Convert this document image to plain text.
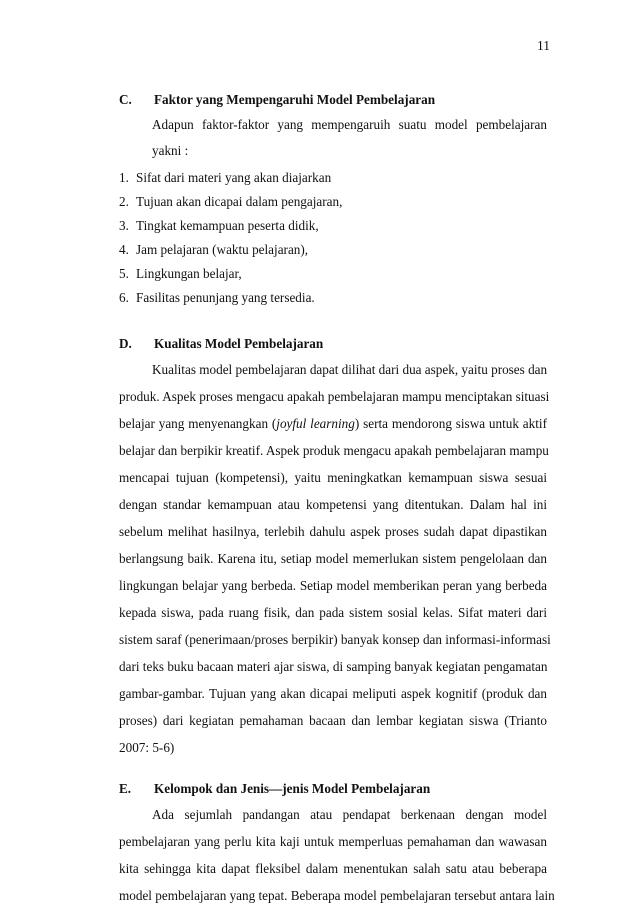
11
C.	Faktor yang Mempengaruhi Model Pembelajaran
Adapun faktor-faktor yang mempengaruih suatu model pembelajaran
yakni :
1. Sifat dari materi yang akan diajarkan
2. Tujuan akan dicapai dalam pengajaran,
3. Tingkat kemampuan peserta didik,
4. Jam pelajaran (waktu pelajaran),
5. Lingkungan belajar,
6. Fasilitas penunjang yang tersedia.
D.	Kualitas Model Pembelajaran
Kualitas model pembelajaran dapat dilihat dari dua aspek, yaitu proses dan
produk. Aspek proses mengacu apakah pembelajaran mampu menciptakan situasi
belajar yang menyenangkan (joyful learning) serta mendorong siswa untuk aktif
belajar dan berpikir kreatif. Aspek produk mengacu apakah pembelajaran mampu
mencapai tujuan (kompetensi), yaitu meningkatkan kemampuan siswa sesuai
dengan standar kemampuan atau kompetensi yang ditentukan. Dalam hal ini
sebelum melihat hasilnya, terlebih dahulu aspek proses sudah dapat dipastikan
berlangsung baik. Karena itu, setiap model memerlukan sistem pengelolaan dan
lingkungan belajar yang berbeda. Setiap model memberikan peran yang berbeda
kepada siswa, pada ruang fisik, dan pada sistem sosial kelas. Sifat materi dari
sistem saraf (penerimaan/proses berpikir) banyak konsep dan informasi-informasi
dari teks buku bacaan materi ajar siswa, di samping banyak kegiatan pengamatan
gambar-gambar. Tujuan yang akan dicapai meliputi aspek kognitif (produk dan
proses) dari kegiatan pemahaman bacaan dan lembar kegiatan siswa (Trianto
2007: 5-6)
E.	Kelompok dan Jenis—jenis Model Pembelajaran
Ada sejumlah pandangan atau pendapat berkenaan dengan model
pembelajaran yang perlu kita kaji untuk memperluas pemahaman dan wawasan
kita sehingga kita dapat fleksibel dalam menentukan salah satu atau beberapa
model pembelajaran yang tepat. Beberapa model pembelajaran tersebut antara lain
